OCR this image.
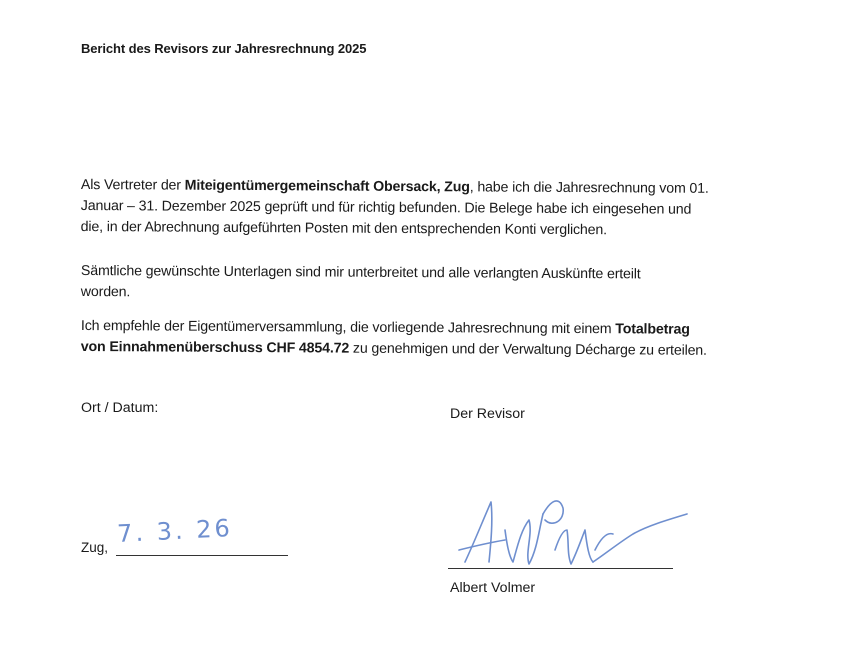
Bericht des Revisors zur Jahresrechnung 2025
Als Vertreter der Miteigentümergemeinschaft Obersack, Zug, habe ich die Jahresrechnung vom 01.
Januar – 31. Dezember 2025 geprüft und für richtig befunden. Die Belege habe ich eingesehen und
die, in der Abrechnung aufgeführten Posten mit den entsprechenden Konti verglichen.
Sämtliche gewünschte Unterlagen sind mir unterbreitet und alle verlangten Auskünfte erteilt
worden.
Ich empfehle der Eigentümerversammlung, die vorliegende Jahresrechnung mit einem Totalbetrag
von Einnahmenüberschuss CHF 4854.72 zu genehmigen und der Verwaltung Décharge zu erteilen.
Ort / Datum:	Der Revisor
Zug, 7. 3. 26
Albert Volmer
